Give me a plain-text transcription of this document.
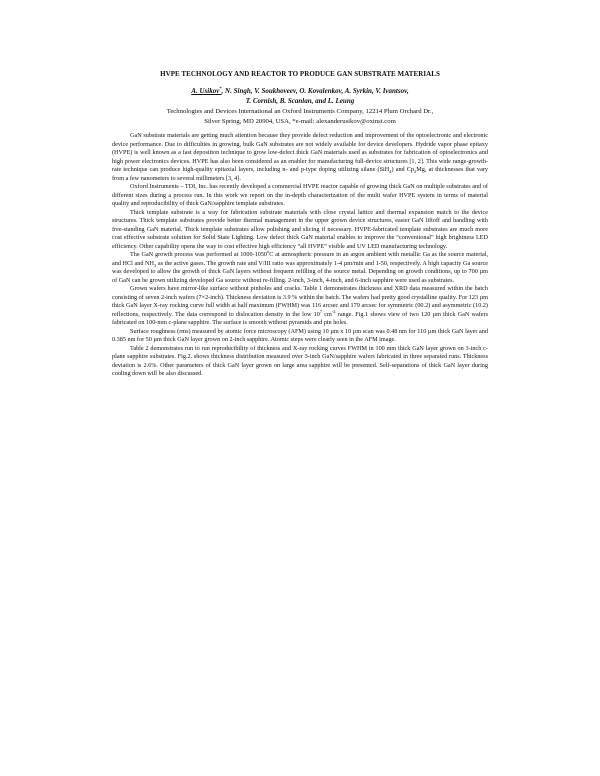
HVPE TECHNOLOGY AND REACTOR TO PRODUCE GAN SUBSTRATE MATERIALS
A. Usikov*, N. Singh, V. Soukhoveev, O. Kovalenkov, A. Syrkin, V. Ivantsov,
T. Cornish, B. Scanlan, and L. Leung
Technologies and Devices International an Oxford Instruments Company, 12214 Plum Orchard Dr.,
Silver Spring, MD 20904, USA, *e-mail: alexanderusikov@oxinst.com

GaN substrate materials are getting much attention because they provide defect reduction and improvement of the optoelectronic and electronic device performance. Due to difficulties in growing, bulk GaN substrates are not widely available for device developers. Hydride vapor phase epitaxy (HVPE) is well known as a fast deposition technique to grow low-defect thick GaN materials used as substrates for fabrication of optoelectronics and high power electronics devices. HVPE has also been considered as an enabler for manufacturing full-device structures [1, 2]. This wide range-growth-rate technique can produce high-quality epitaxial layers, including n- and p-type doping utilizing silane (SiH$_4$) and $Cp_2Mg$, at thicknesses that vary from a few nanometers to several millimeters [3, 4].

Oxford Instruments – TDI, Inc. has recently developed a commercial HVPE reactor capable of growing thick GaN on multiple substrates and of different sizes during a process run. In this work we report on the in-depth characterization of the multi wafer HVPE system in terms of material quality and reproducibility of thick GaN/sapphire template substrates.

Thick template substrate is a way for fabrication substrate materials with close crystal lattice and thermal expansion match to the device structures. Thick template substrates provide better thermal management in the upper grown device structures, easier GaN liftoff and handling with free-standing GaN material. Thick template substrates allow polishing and slicing if necessary. HVPE-fabricated template substrates are much more cost effective substrate solution for Solid State Lighting. Low defect thick GaN material enables to improve the “conventional” high brightness LED efficiency. Other capability opens the way to cost effective high efficiency “all HVPE” visible and UV LED manufacturing technology.

The GaN growth process was performed at 1000-1050$^o$C at atmospheric pressure in an argon ambient with metallic Ga as the source material, and HCl and $NH_3$ as the active gases. The growth rate and V/III ratio was approximately 1-4 µm/min and 1-50, respectively. A high capacity Ga source was developed to allow the growth of thick GaN layers without frequent refilling of the source metal. Depending on growth conditions, up to 700 µm of GaN can be grown utilizing developed Ga source without re-filling. 2-inch, 3-inch, 4-inch, and 6-inch sapphire were used as substrates.

Grown wafers have mirror-like surface without pinholes and cracks. Table 1 demonstrates thickness and XRD data measured within the batch consisting of seven 2-inch wafers (7×2-inch). Thickness deviation is 3.9 % within the batch. The wafers had pretty good crystalline quality. For 123 µm thick GaN layer X-ray rocking curve full width at half maximum (FWHM) was 116 arcsec and 179 arcsec for symmetric (00.2) and asymmetric (10.2) reflections, respectively. The data correspond to dislocation density in the low $10^7$ $cm^{-2}$ range. Fig.1 shows view of two 120 µm thick GaN wafers fabricated on 100-mm c-plane sapphire. The surface is smooth without pyramids and pin holes.

Surface roughness (rms) measured by atomic force microscopy (AFM) using 10 µm x 10 µm scan was 0.48 nm for 110 µm thick GaN layer and 0.385 nm for 50 µm thick GaN layer grown on 2-inch sapphire. Atomic steps were clearly seen in the AFM image.

Table 2 demonstrates run to run reproducibility of thickness and X-ray rocking curves FWHM in 100 mm thick GaN layer grown on 3-inch c-plane sapphire substrates. Fig.2. shows thickness distribution measured over 3-inch GaN/sapphire wafers fabricated in three separated runs. Thickness deviation is 2.6%. Other parameters of thick GaN layer grown on large area sapphire will be presented. Self-separations of thick GaN layer during cooling down will be also discussed.
